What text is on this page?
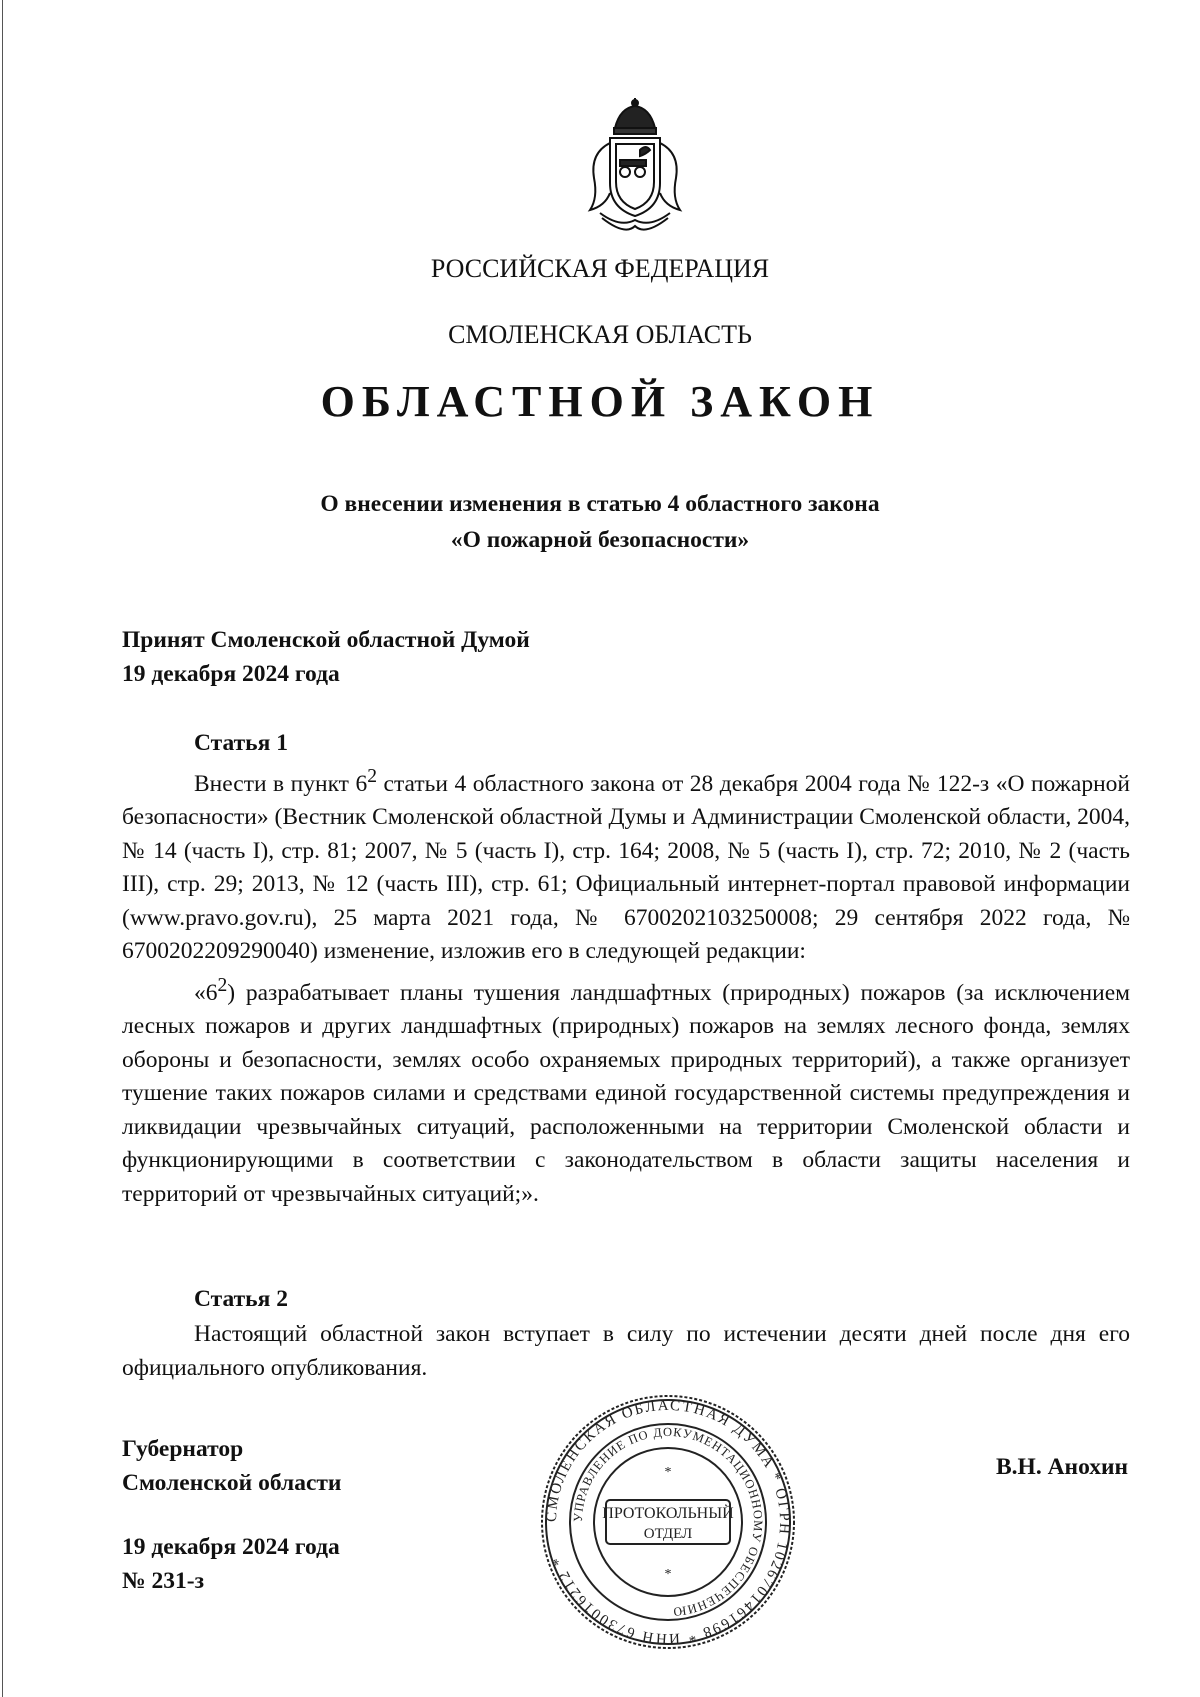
РОССИЙСКАЯ ФЕДЕРАЦИЯ
СМОЛЕНСКАЯ ОБЛАСТЬ
ОБЛАСТНОЙ ЗАКОН
О внесении изменения в статью 4 областного закона
«О пожарной безопасности»
Принят Смоленской областной Думой
19 декабря 2024 года
Статья 1

Внести в пункт $6^2$ статьи 4 областного закона от 28 декабря 2004 года № 122-з «О пожарной безопасности» (Вестник Смоленской областной Думы и Администрации Смоленской области, 2004, № 14 (часть I), стр. 81; 2007, № 5 (часть I), стр. 164; 2008, № 5 (часть I), стр. 72; 2010, № 2 (часть III), стр. 29; 2013, № 12 (часть III), стр. 61; Официальный интернет-портал правовой информации (www.pravo.gov.ru), 25 марта 2021 года, № 6700202103250008; 29 сентября 2022 года, № 6700202209290040) изменение, изложив его в следующей редакции:

«$6^2$) разрабатывает планы тушения ландшафтных (природных) пожаров (за исключением лесных пожаров и других ландшафтных (природных) пожаров на землях лесного фонда, землях обороны и безопасности, землях особо охраняемых природных территорий), а также организует тушение таких пожаров силами и средствами единой государственной системы предупреждения и ликвидации чрезвычайных ситуаций, расположенными на территории Смоленской области и функционирующими в соответствии с законодательством в области защиты населения и территорий от чрезвычайных ситуаций;».

Статья 2

Настоящий областной закон вступает в силу по истечении десяти дней после дня его официального опубликования.

Губернатор
Смоленской области
В.Н. Анохин
19 декабря 2024 года
№ 231-з
СМОЛЕНСКАЯ ОБЛАСТНАЯ ДУМА * ОГРН 1026701461698 * ИНН 6730016212 *
УПРАВЛЕНИЕ ПО ДОКУМЕНТАЦИОННОМУ ОБЕСПЕЧЕНИЮ
ПРОТОКОЛЬНЫЙ
ОТДЕЛ
*
*
